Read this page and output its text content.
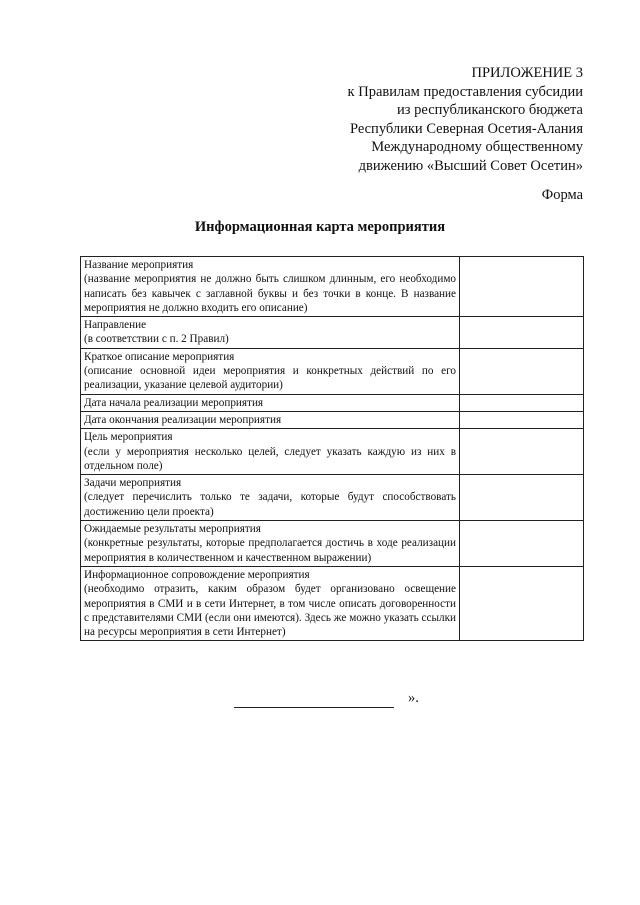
ПРИЛОЖЕНИЕ 3
к Правилам предоставления субсидии
из республиканского бюджета
Республики Северная Осетия-Алания
Международному общественному
движению «Высший Совет Осетин»
Форма
Информационная карта мероприятия
Название мероприятия
(название мероприятия не должно быть слишком длинным, его необходимо написать без кавычек с заглавной буквы и без точки в конце. В название мероприятия не должно входить его описание)	

Направление
(в соответствии с п. 2 Правил)	

Краткое описание мероприятия
(описание основной идеи мероприятия и конкретных действий по его реализации, указание целевой аудитории)	

Дата начала реализации мероприятия	

Дата окончания реализации мероприятия	

Цель мероприятия
(если у мероприятия несколько целей, следует указать каждую из них в отдельном поле)	

Задачи мероприятия
(следует перечислить только те задачи, которые будут способствовать достижению цели проекта)	

Ожидаемые результаты мероприятия
(конкретные результаты, которые предполагается достичь в ходе реализации мероприятия в количественном и качественном выражении)	

Информационное сопровождение мероприятия
(необходимо отразить, каким образом будет организовано освещение мероприятия в СМИ и в сети Интернет, в том числе описать договоренности с представителями СМИ (если они имеются). Здесь же можно указать ссылки на ресурсы мероприятия в сети Интернет)	

».
